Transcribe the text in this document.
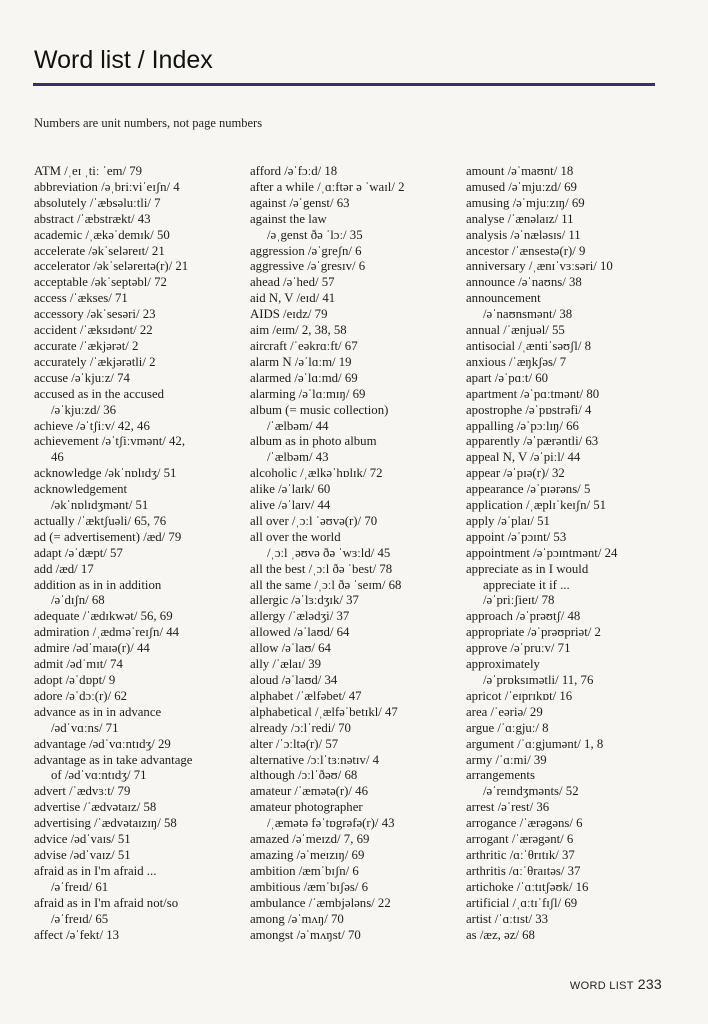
Word list / Index
Numbers are unit numbers, not page numbers
ATM /ˌeɪ ˌtiː ˈem/ 79
abbreviation /əˌbriːviˈeɪʃn/ 4
absolutely /ˈæbsəluːtli/ 7
abstract /ˈæbstrækt/ 43
academic /ˌækəˈdemɪk/ 50
accelerate /əkˈseləreɪt/ 21
accelerator /əkˈseləreɪtə(r)/ 21
acceptable /əkˈseptəbl/ 72
access /ˈækses/ 71
accessory /əkˈsesəri/ 23
accident /ˈæksɪdənt/ 22
accurate /ˈækjərət/ 2
accurately /ˈækjərətli/ 2
accuse /əˈkjuːz/ 74
accused as in the accused
/əˈkjuːzd/ 36
achieve /əˈtʃiːv/ 42, 46
achievement /əˈtʃiːvmənt/ 42,
46
acknowledge /əkˈnɒlɪdʒ/ 51
acknowledgement
/əkˈnɒlɪdʒmənt/ 51
actually /ˈæktʃuəli/ 65, 76
ad (= advertisement) /æd/ 79
adapt /əˈdæpt/ 57
add /æd/ 17
addition as in in addition
/əˈdɪʃn/ 68
adequate /ˈædɪkwət/ 56, 69
admiration /ˌædməˈreɪʃn/ 44
admire /ədˈmaɪə(r)/ 44
admit /ədˈmɪt/ 74
adopt /əˈdɒpt/ 9
adore /əˈdɔː(r)/ 62
advance as in in advance
/ədˈvɑːns/ 71
advantage /ədˈvɑːntɪdʒ/ 29
advantage as in take advantage
of /ədˈvɑːntɪdʒ/ 71
advert /ˈædvɜːt/ 79
advertise /ˈædvətaɪz/ 58
advertising /ˈædvətaɪzɪŋ/ 58
advice /ədˈvaɪs/ 51
advise /ədˈvaɪz/ 51
afraid as in I'm afraid ...
/əˈfreɪd/ 61
afraid as in I'm afraid not/so
/əˈfreɪd/ 65
affect /əˈfekt/ 13
afford /əˈfɔːd/ 18
after a while /ˌɑːftər ə ˈwaɪl/ 2
against /əˈgenst/ 63
against the law
/əˌgenst ðə ˈlɔː/ 35
aggression /əˈgreʃn/ 6
aggressive /əˈgresɪv/ 6
ahead /əˈhed/ 57
aid N, V /eɪd/ 41
AIDS /eɪdz/ 79
aim /eɪm/ 2, 38, 58
aircraft /ˈeəkrɑːft/ 67
alarm N /əˈlɑːm/ 19
alarmed /əˈlɑːmd/ 69
alarming /əˈlɑːmɪŋ/ 69
album (= music collection)
/ˈælbəm/ 44
album as in photo album
/ˈælbəm/ 43
alcoholic /ˌælkəˈhɒlɪk/ 72
alike /əˈlaɪk/ 60
alive /əˈlaɪv/ 44
all over /ˌɔːl ˈəʊvə(r)/ 70
all over the world
/ˌɔːl ˌəʊvə ðə ˈwɜːld/ 45
all the best /ˌɔːl ðə ˈbest/ 78
all the same /ˌɔːl ðə ˈseɪm/ 68
allergic /əˈlɜːdʒɪk/ 37
allergy /ˈælədʒi/ 37
allowed /əˈlaʊd/ 64
allow /əˈlaʊ/ 64
ally /ˈælaɪ/ 39
aloud /əˈlaʊd/ 34
alphabet /ˈælfəbet/ 47
alphabetical /ˌælfəˈbetɪkl/ 47
already /ɔːlˈredi/ 70
alter /ˈɔːltə(r)/ 57
alternative /ɔːlˈtɜːnətɪv/ 4
although /ɔːlˈðəʊ/ 68
amateur /ˈæmətə(r)/ 46
amateur photographer
/ˌæmətə fəˈtɒgrəfə(r)/ 43
amazed /əˈmeɪzd/ 7, 69
amazing /əˈmeɪzɪŋ/ 69
ambition /æmˈbɪʃn/ 6
ambitious /æmˈbɪʃəs/ 6
ambulance /ˈæmbjələns/ 22
among /əˈmʌŋ/ 70
amongst /əˈmʌŋst/ 70
amount /əˈmaʊnt/ 18
amused /əˈmjuːzd/ 69
amusing /əˈmjuːzɪŋ/ 69
analyse /ˈænəlaɪz/ 11
analysis /əˈnæləsɪs/ 11
ancestor /ˈænsestə(r)/ 9
anniversary /ˌænɪˈvɜːsəri/ 10
announce /əˈnaʊns/ 38
announcement
/əˈnaʊnsmənt/ 38
annual /ˈænjuəl/ 55
antisocial /ˌæntiˈsəʊʃl/ 8
anxious /ˈæŋkʃəs/ 7
apart /əˈpɑːt/ 60
apartment /əˈpɑːtmənt/ 80
apostrophe /əˈpɒstrəfi/ 4
appalling /əˈpɔːlɪŋ/ 66
apparently /əˈpærəntli/ 63
appeal N, V /əˈpiːl/ 44
appear /əˈpɪə(r)/ 32
appearance /əˈpɪərəns/ 5
application /ˌæplɪˈkeɪʃn/ 51
apply /əˈplaɪ/ 51
appoint /əˈpɔɪnt/ 53
appointment /əˈpɔɪntmənt/ 24
appreciate as in I would
appreciate it if ...
/əˈpriːʃieɪt/ 78
approach /əˈprəʊtʃ/ 48
appropriate /əˈprəʊpriət/ 2
approve /əˈpruːv/ 71
approximately
/əˈprɒksɪmətli/ 11, 76
apricot /ˈeɪprɪkɒt/ 16
area /ˈeəriə/ 29
argue /ˈɑːgjuː/ 8
argument /ˈɑːgjumənt/ 1, 8
army /ˈɑːmi/ 39
arrangements
/əˈreɪndʒmənts/ 52
arrest /əˈrest/ 36
arrogance /ˈærəgəns/ 6
arrogant /ˈærəgənt/ 6
arthritic /ɑːˈθrɪtɪk/ 37
arthritis /ɑːˈθraɪtəs/ 37
artichoke /ˈɑːtɪtʃəʊk/ 16
artificial /ˌɑːtɪˈfɪʃl/ 69
artist /ˈɑːtɪst/ 33
as /æz, əz/ 68
WORD LIST 233
